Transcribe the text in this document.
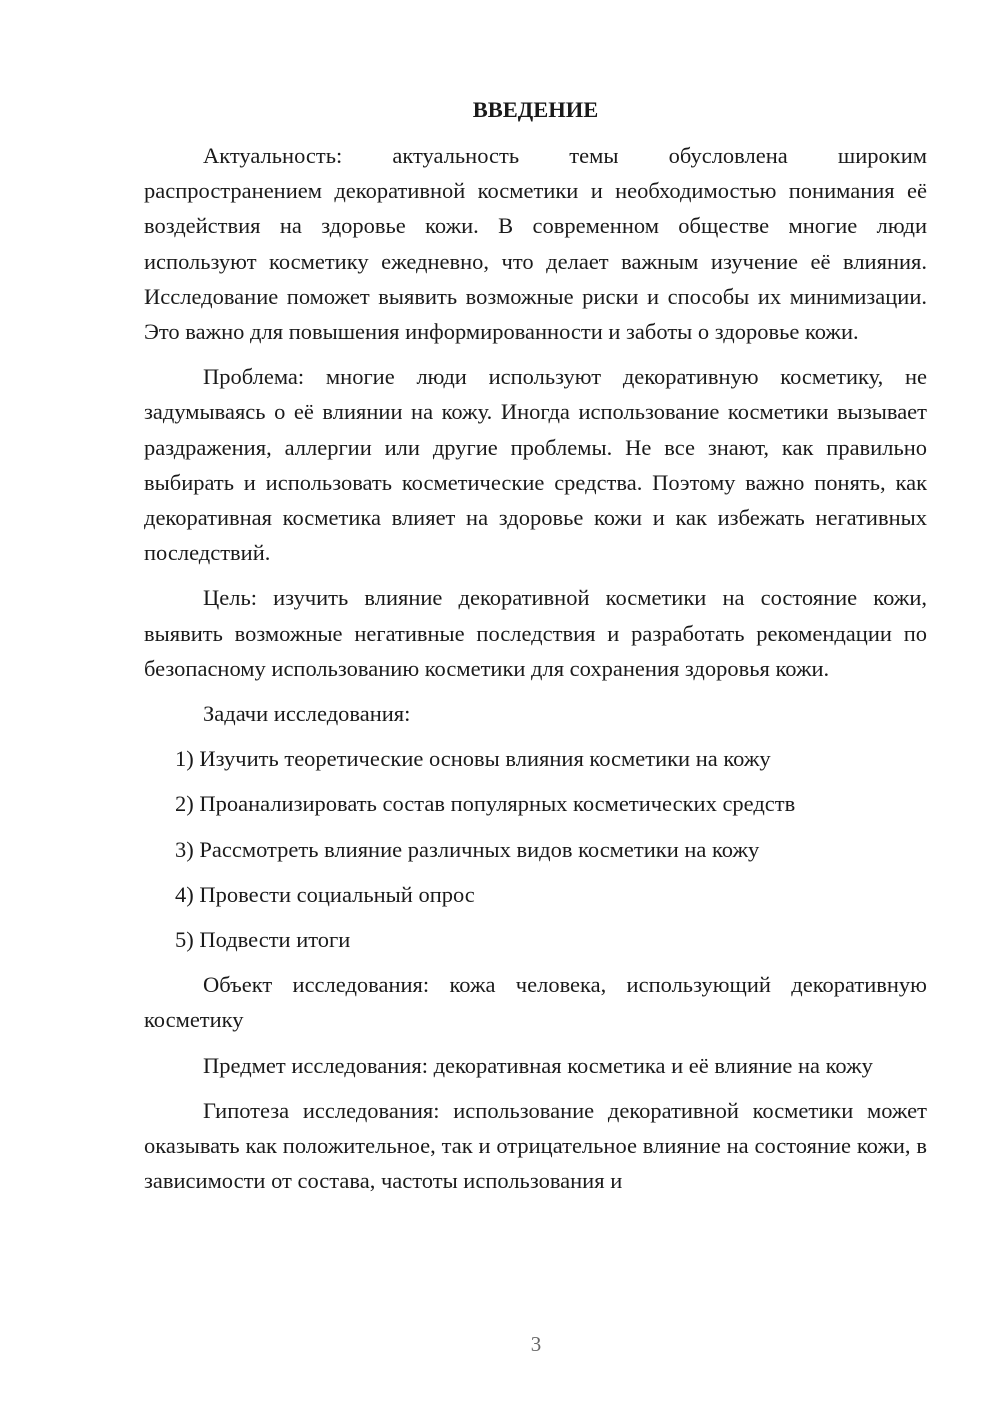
ВВЕДЕНИЕ

Актуальность: актуальность темы обусловлена широким распространением декоративной косметики и необходимостью понимания её воздействия на здоровье кожи. В современном обществе многие люди используют косметику ежедневно, что делает важным изучение её влияния. Исследование поможет выявить возможные риски и способы их минимизации. Это важно для повышения информированности и заботы о здоровье кожи.

Проблема: многие люди используют декоративную косметику, не задумываясь о её влиянии на кожу. Иногда использование косметики вызывает раздражения, аллергии или другие проблемы. Не все знают, как правильно выбирать и использовать косметические средства. Поэтому важно понять, как декоративная косметика влияет на здоровье кожи и как избежать негативных последствий.

Цель: изучить влияние декоративной косметики на состояние кожи, выявить возможные негативные последствия и разработать рекомендации по безопасному использованию косметики для сохранения здоровья кожи.

Задачи исследования:

1) Изучить теоретические основы влияния косметики на кожу
2) Проанализировать состав популярных косметических средств
3) Рассмотреть влияние различных видов косметики на кожу
4) Провести социальный опрос
5) Подвести итоги

Объект исследования: кожа человека, использующий декоративную косметику

Предмет исследования: декоративная косметика и её влияние на кожу

Гипотеза исследования: использование декоративной косметики может оказывать как положительное, так и отрицательное влияние на состояние кожи, в зависимости от состава, частоты использования и

3
